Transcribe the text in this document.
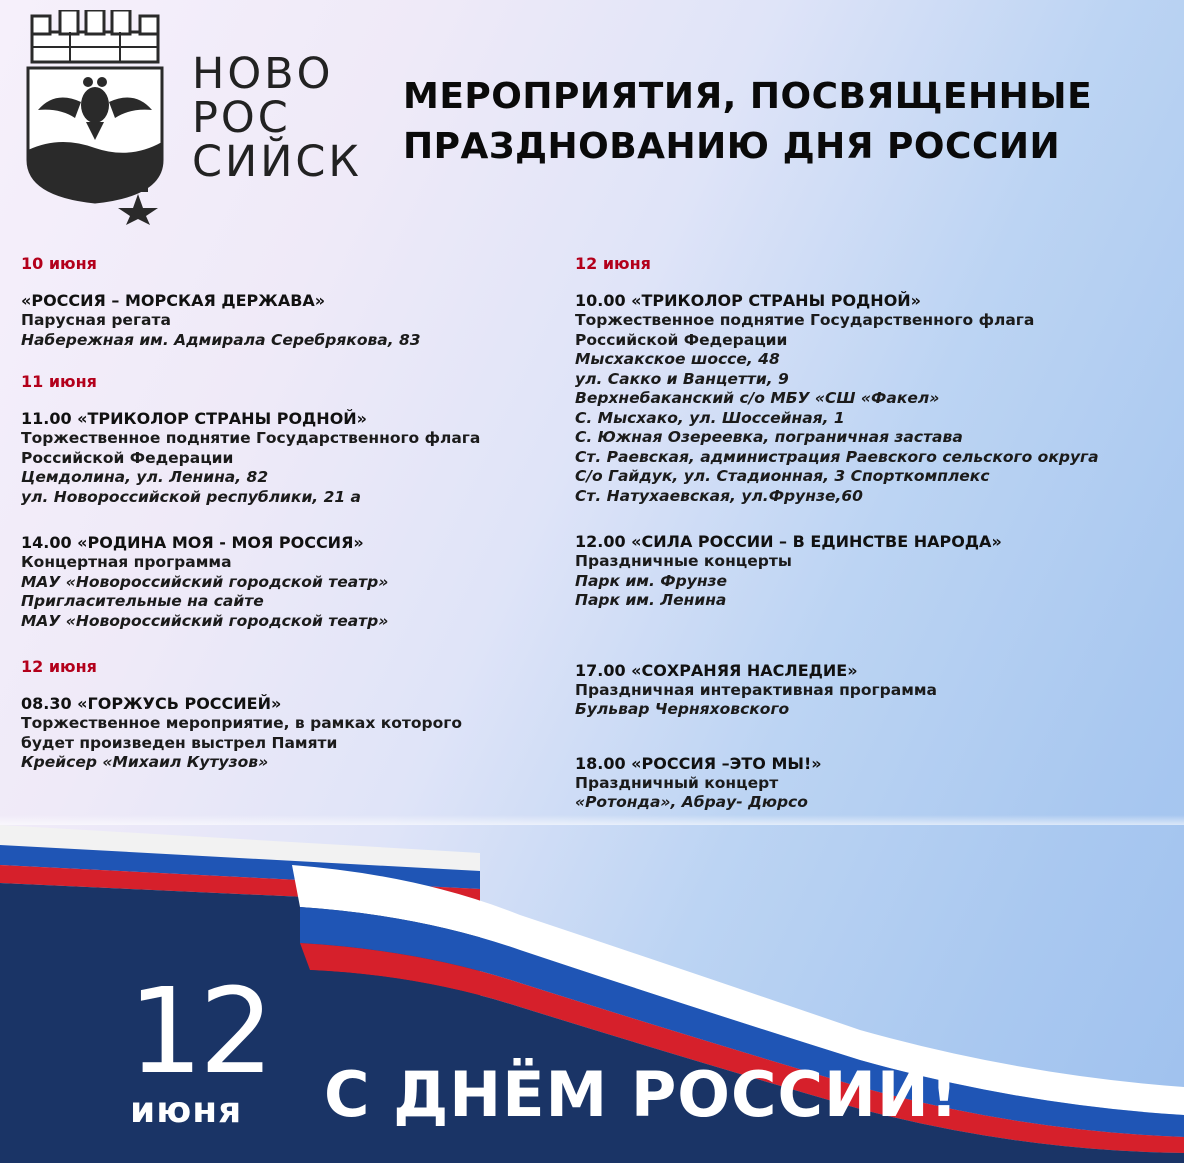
НОВО
РОС
СИЙСК
МЕРОПРИЯТИЯ, ПОСВЯЩЕННЫЕ
ПРАЗДНОВАНИЮ ДНЯ РОССИИ
10 июня
«РОССИЯ – МОРСКАЯ ДЕРЖАВА»
Парусная регата
Набережная им. Адмирала Серебрякова, 83
11 июня
11.00 «ТРИКОЛОР СТРАНЫ РОДНОЙ»
Торжественное поднятие Государственного флага
Российской Федерации
Цемдолина, ул. Ленина, 82
ул. Новороссийской республики, 21 а
14.00 «РОДИНА МОЯ - МОЯ РОССИЯ»
Концертная программа
МАУ «Новороссийский городской театр»
Пригласительные на сайте
МАУ «Новороссийский городской театр»
12 июня
08.30 «ГОРЖУСЬ РОССИЕЙ»
Торжественное мероприятие, в рамках которого
будет произведен выстрел Памяти
Крейсер «Михаил Кутузов»
12 июня
10.00 «ТРИКОЛОР СТРАНЫ РОДНОЙ»
Торжественное поднятие Государственного флага
Российской Федерации
Мысхакское шоссе, 48
ул. Сакко и Ванцетти, 9
Верхнебаканский с/о МБУ «СШ «Факел»
С. Мысхако, ул. Шоссейная, 1
С. Южная Озереевка, пограничная застава
Ст. Раевская, администрация Раевского сельского округа
С/о Гайдук, ул. Стадионная, 3 Спорткомплекс
Ст. Натухаевская, ул.Фрунзе,60
12.00 «СИЛА РОССИИ – В ЕДИНСТВЕ НАРОДА»
Праздничные концерты
Парк им. Фрунзе
Парк им. Ленина
17.00 «СОХРАНЯЯ НАСЛЕДИЕ»
Праздничная интерактивная программа
Бульвар Черняховского
18.00 «РОССИЯ –ЭТО МЫ!»
Праздничный концерт
«Ротонда», Абрау- Дюрсо
12
июня С ДНЁМ РОССИИ!
